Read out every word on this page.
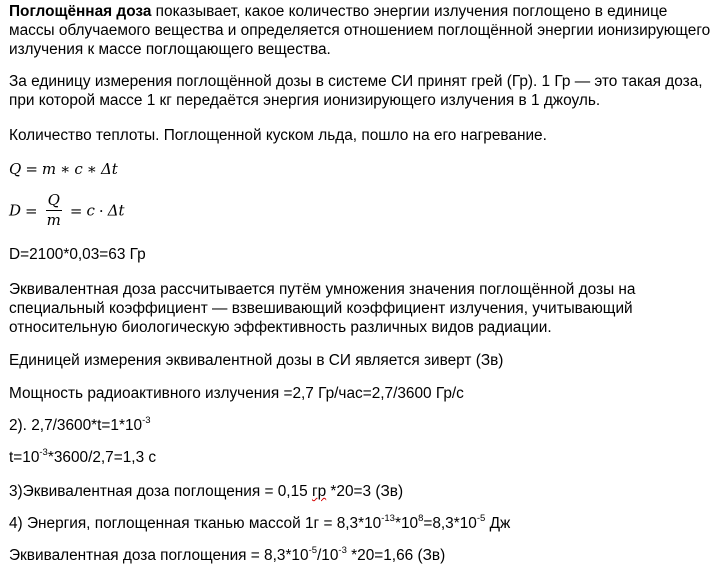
Поглощённая доза показывает, какое количество энергии излучения поглощено в единице массы облучаемого вещества и определяется отношением поглощённой энергии ионизирующего излучения к массе поглощающего вещества.

За единицу измерения поглощённой дозы в системе СИ принят грей (Гр). 1 Гр — это такая доза, при которой массе 1 кг передаётся энергия ионизирующего излучения в 1 джоуль.

Количество теплоты. Поглощенной куском льда, пошло на его нагревание.

Q = m ∗ c ∗ Δt
$D = \frac{Q}{m} = c \cdot \Delta t$

D=2100*0,03=63 Гр

Эквивалентная доза рассчитывается путём умножения значения поглощённой дозы на специальный коэффициент — взвешивающий коэффициент излучения, учитывающий относительную биологическую эффективность различных видов радиации.

Единицей измерения эквивалентной дозы в СИ является зиверт (Зв)

Мощность радиоактивного излучения =2,7 Гр/час=2,7/3600 Гр/с

2). $2,7/3600*t=1*10^{-3}$

$t=10^{-3}*3600/2,7=1,3$ с

3)Эквивалентная доза поглощения = 0,15 гр *20=3 (Зв)

4) Энергия, поглощенная тканью массой $1г = 8,3*10^{-13}*10^8=8,3*10^{-5}$ Дж

Эквивалентная доза поглощения = $8,3*10^{-5}/10^{-3}$ *20=1,66 (Зв)
